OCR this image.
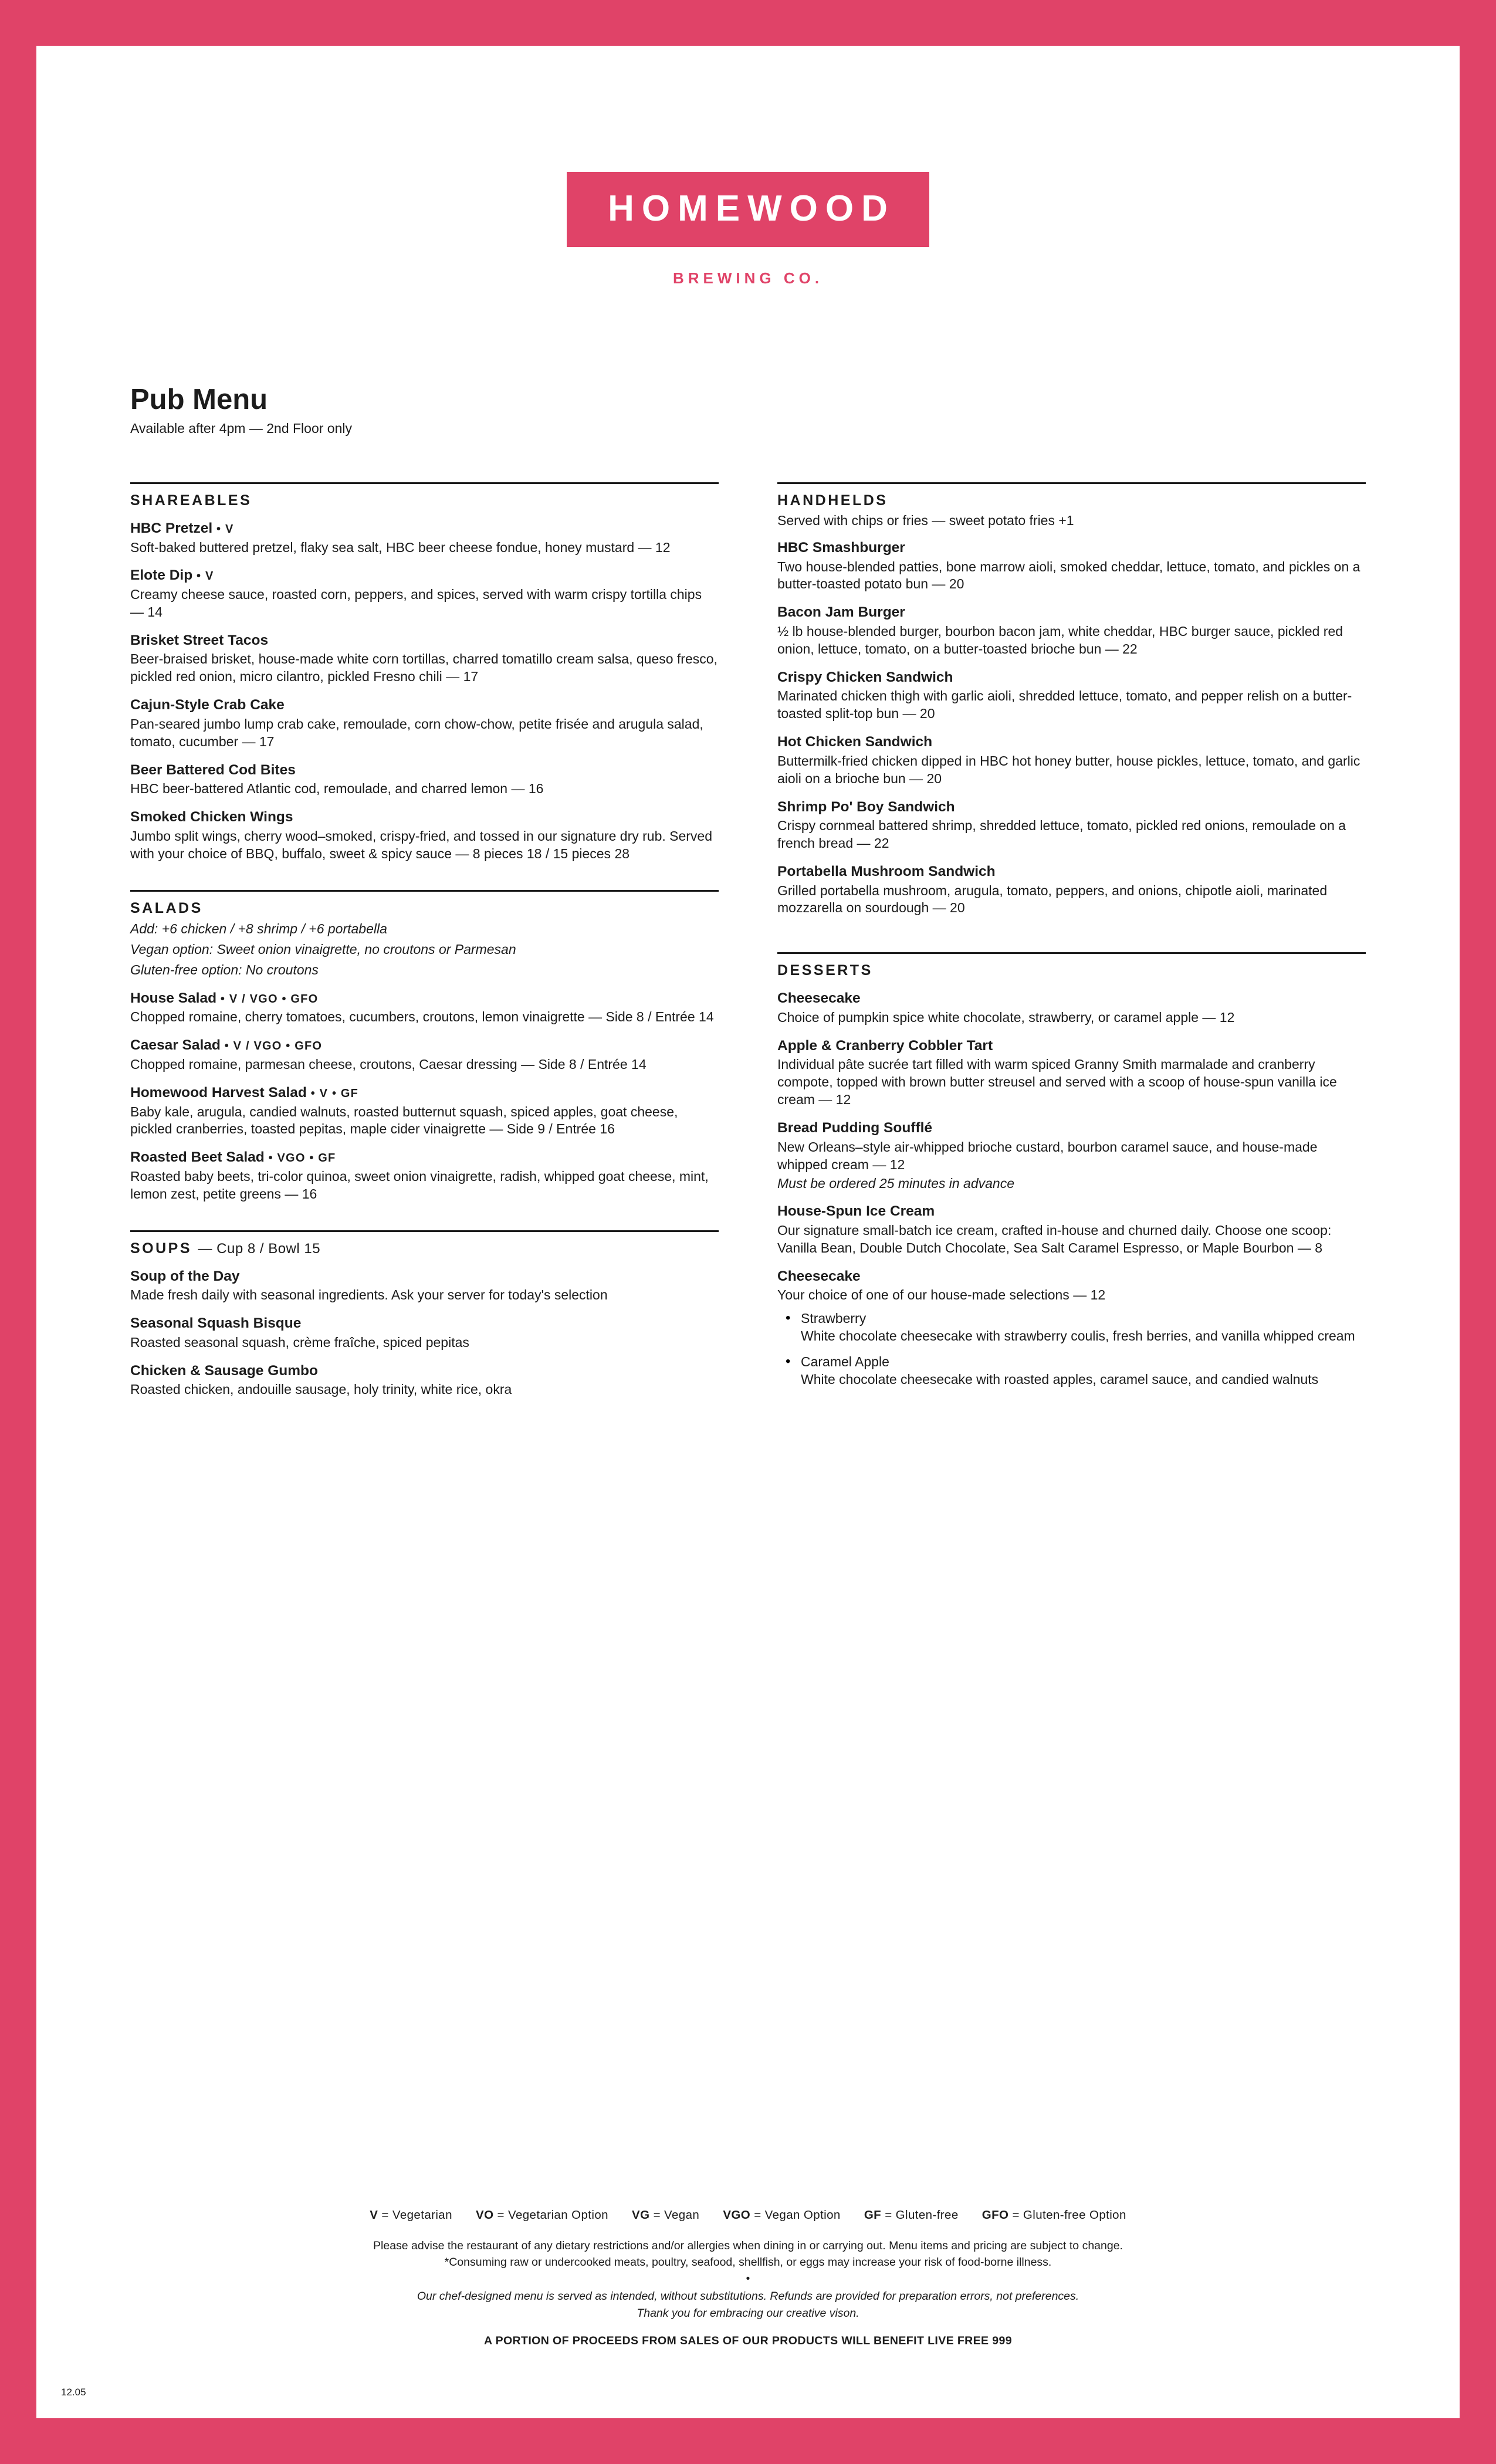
HOMEWOOD
BREWING CO.
Pub Menu
Available after 4pm — 2nd Floor only
SHAREABLES
HBC Pretzel • V
Soft-baked buttered pretzel, flaky sea salt, HBC beer cheese fondue, honey mustard — 12
Elote Dip • V
Creamy cheese sauce, roasted corn, peppers, and spices, served with warm crispy tortilla chips — 14
Brisket Street Tacos
Beer-braised brisket, house-made white corn tortillas, charred tomatillo cream salsa, queso fresco, pickled red onion, micro cilantro, pickled Fresno chili — 17
Cajun-Style Crab Cake
Pan-seared jumbo lump crab cake, remoulade, corn chow-chow, petite frisée and arugula salad, tomato, cucumber — 17
Beer Battered Cod Bites
HBC beer-battered Atlantic cod, remoulade, and charred lemon — 16
Smoked Chicken Wings
Jumbo split wings, cherry wood–smoked, crispy-fried, and tossed in our signature dry rub. Served with your choice of BBQ, buffalo, sweet & spicy sauce — 8 pieces 18 / 15 pieces 28
SALADS
Add: +6 chicken / +8 shrimp / +6 portabella
Vegan option: Sweet onion vinaigrette, no croutons or Parmesan
Gluten-free option: No croutons
House Salad • V / VGO • GFO
Chopped romaine, cherry tomatoes, cucumbers, croutons, lemon vinaigrette — Side 8 / Entrée 14
Caesar Salad • V / VGO • GFO
Chopped romaine, parmesan cheese, croutons, Caesar dressing — Side 8 / Entrée 14
Homewood Harvest Salad • V • GF
Baby kale, arugula, candied walnuts, roasted butternut squash, spiced apples, goat cheese, pickled cranberries, toasted pepitas, maple cider vinaigrette — Side 9 / Entrée 16
Roasted Beet Salad • VGO • GF
Roasted baby beets, tri-color quinoa, sweet onion vinaigrette, radish, whipped goat cheese, mint, lemon zest, petite greens — 16
SOUPS — Cup 8 / Bowl 15
Soup of the Day
Made fresh daily with seasonal ingredients. Ask your server for today's selection
Seasonal Squash Bisque
Roasted seasonal squash, crème fraîche, spiced pepitas
Chicken & Sausage Gumbo
Roasted chicken, andouille sausage, holy trinity, white rice, okra
HANDHELDS
Served with chips or fries — sweet potato fries +1
HBC Smashburger
Two house-blended patties, bone marrow aioli, smoked cheddar, lettuce, tomato, and pickles on a butter-toasted potato bun — 20
Bacon Jam Burger
½ lb house-blended burger, bourbon bacon jam, white cheddar, HBC burger sauce, pickled red onion, lettuce, tomato, on a butter-toasted brioche bun — 22
Crispy Chicken Sandwich
Marinated chicken thigh with garlic aioli, shredded lettuce, tomato, and pepper relish on a butter-toasted split-top bun — 20
Hot Chicken Sandwich
Buttermilk-fried chicken dipped in HBC hot honey butter, house pickles, lettuce, tomato, and garlic aioli on a brioche bun — 20
Shrimp Po' Boy Sandwich
Crispy cornmeal battered shrimp, shredded lettuce, tomato, pickled red onions, remoulade on a french bread — 22
Portabella Mushroom Sandwich
Grilled portabella mushroom, arugula, tomato, peppers, and onions, chipotle aioli, marinated mozzarella on sourdough — 20
DESSERTS
Cheesecake
Choice of pumpkin spice white chocolate, strawberry, or caramel apple — 12
Apple & Cranberry Cobbler Tart
Individual pâte sucrée tart filled with warm spiced Granny Smith marmalade and cranberry compote, topped with brown butter streusel and served with a scoop of house-spun vanilla ice cream — 12
Bread Pudding Soufflé
New Orleans–style air-whipped brioche custard, bourbon caramel sauce, and house-made whipped cream — 12
Must be ordered 25 minutes in advance
House-Spun Ice Cream
Our signature small-batch ice cream, crafted in-house and churned daily. Choose one scoop: Vanilla Bean, Double Dutch Chocolate, Sea Salt Caramel Espresso, or Maple Bourbon — 8
Cheesecake
Your choice of one of our house-made selections — 12
• Strawberry
White chocolate cheesecake with strawberry coulis, fresh berries, and vanilla whipped cream
• Caramel Apple
White chocolate cheesecake with roasted apples, caramel sauce, and candied walnuts
V = Vegetarian VO = Vegetarian Option VG = Vegan VGO = Vegan Option GF = Gluten-free GFO = Gluten-free Option
Please advise the restaurant of any dietary restrictions and/or allergies when dining in or carrying out. Menu items and pricing are subject to change.
*Consuming raw or undercooked meats, poultry, seafood, shellfish, or eggs may increase your risk of food-borne illness.
•
Our chef-designed menu is served as intended, without substitutions. Refunds are provided for preparation errors, not preferences.
Thank you for embracing our creative vison.
A PORTION OF PROCEEDS FROM SALES OF OUR PRODUCTS WILL BENEFIT LIVE FREE 999
12.05
